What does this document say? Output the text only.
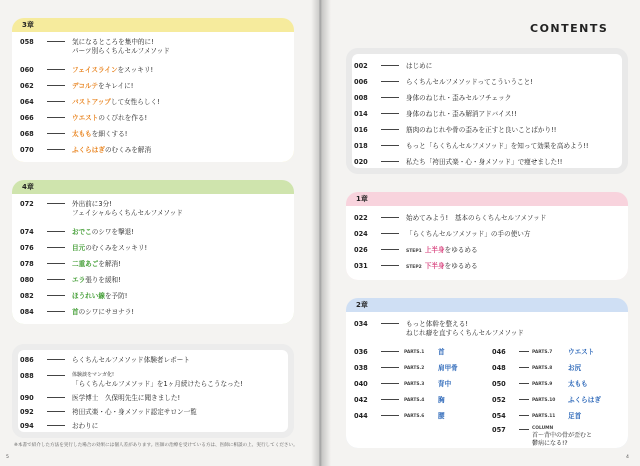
CONTENTS
3章
058	気になるところを集中的に!
パーツ別らくちんセルフメソッド
060	フェイスラインをスッキリ!
062	デコルテをキレイに!
064	バストアップして女性らしく!
066	ウエストのくびれを作る!
068	太ももを細くする!
070	ふくらはぎのむくみを解消
4章
072	外出前に3分!
フェイシャルらくちんセルフメソッド
074	おでこのシワを撃退!
076	目元のむくみをスッキリ!
078	二重あごを解消!
080	エラ張りを緩和!
082	ほうれい線を予防!
084	首のシワにサヨナラ!
086	らくちんセルフメソッド体験者レポート
088	体験談をマンガ化!
「らくちんセルフメソッド」を1ヶ月続けたらこうなった!
090	医学博士　久保明先生に聞きました!
092	袴田式楽・心・身メソッド認定サロン一覧
094	おわりに
※本書で紹介した方法を実行した場合の効果には個人差があります。医師の治療を受けている方は、医師に相談の上、実行してください。
5	4
002	はじめに
006	らくちんセルフメソッドってこういうこと!
008	身体のねじれ・歪みセルフチェック
014	身体のねじれ・歪み解消アドバイス!!
016	筋肉のねじれや骨の歪みを正すと良いことばかり!!
018	もっと「らくちんセルフメソッド」を知って効果を高めよう!!
020	私たち「袴田式楽・心・身メソッド」で痩せました!!
1章
022	始めてみよう!　基本のらくちんセルフメソッド
024	「らくちんセルフメソッド」の手の使い方
026	STEP1 上半身をゆるめる
031	STEP2 下半身をゆるめる
2章
034	もっと体幹を整える!
ねじれ癖を直すらくちんセルフメソッド
036	PARTS.1 首
038	PARTS.2 肩甲骨
040	PARTS.3 背中
042	PARTS.4 胸
044	PARTS.6 腰
046	PARTS.7 ウエスト
048	PARTS.8 お尻
050	PARTS.9 太もも
052	PARTS.10 ふくらはぎ
054	PARTS.11 足首
057	COLUMN
首～背中の骨が歪むと
鬱病になる!?
